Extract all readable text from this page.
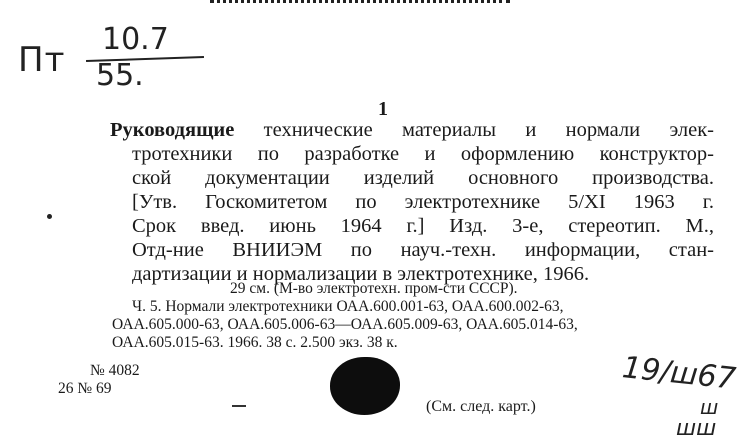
Пт
10.7
55.
1
Руководящие технические материалы и нормали элек-
тротехники по разработке и оформлению конструктор-
ской документации изделий основного производства.
[Утв. Госкомитетом по электротехнике 5/XI 1963 г.
Срок введ. июнь 1964 г.] Изд. 3-е, стереотип. М.,
Отд-ние ВНИИЭМ по науч.-техн. информации, стан-
дартизации и нормализации в электротехнике, 1966.
29 см. (М-во электротехн. пром-сти СССР).
Ч. 5. Нормали электротехники ОАА.600.001-63, ОАА.600.002-63,
ОАА.605.000-63, ОАА.605.006-63—ОАА.605.009-63, ОАА.605.014-63,
ОАА.605.015-63. 1966. 38 с. 2.500 экз. 38 к.
№ 4082
26 № 69
(См. след. карт.)
19/ш67
ш
шш
